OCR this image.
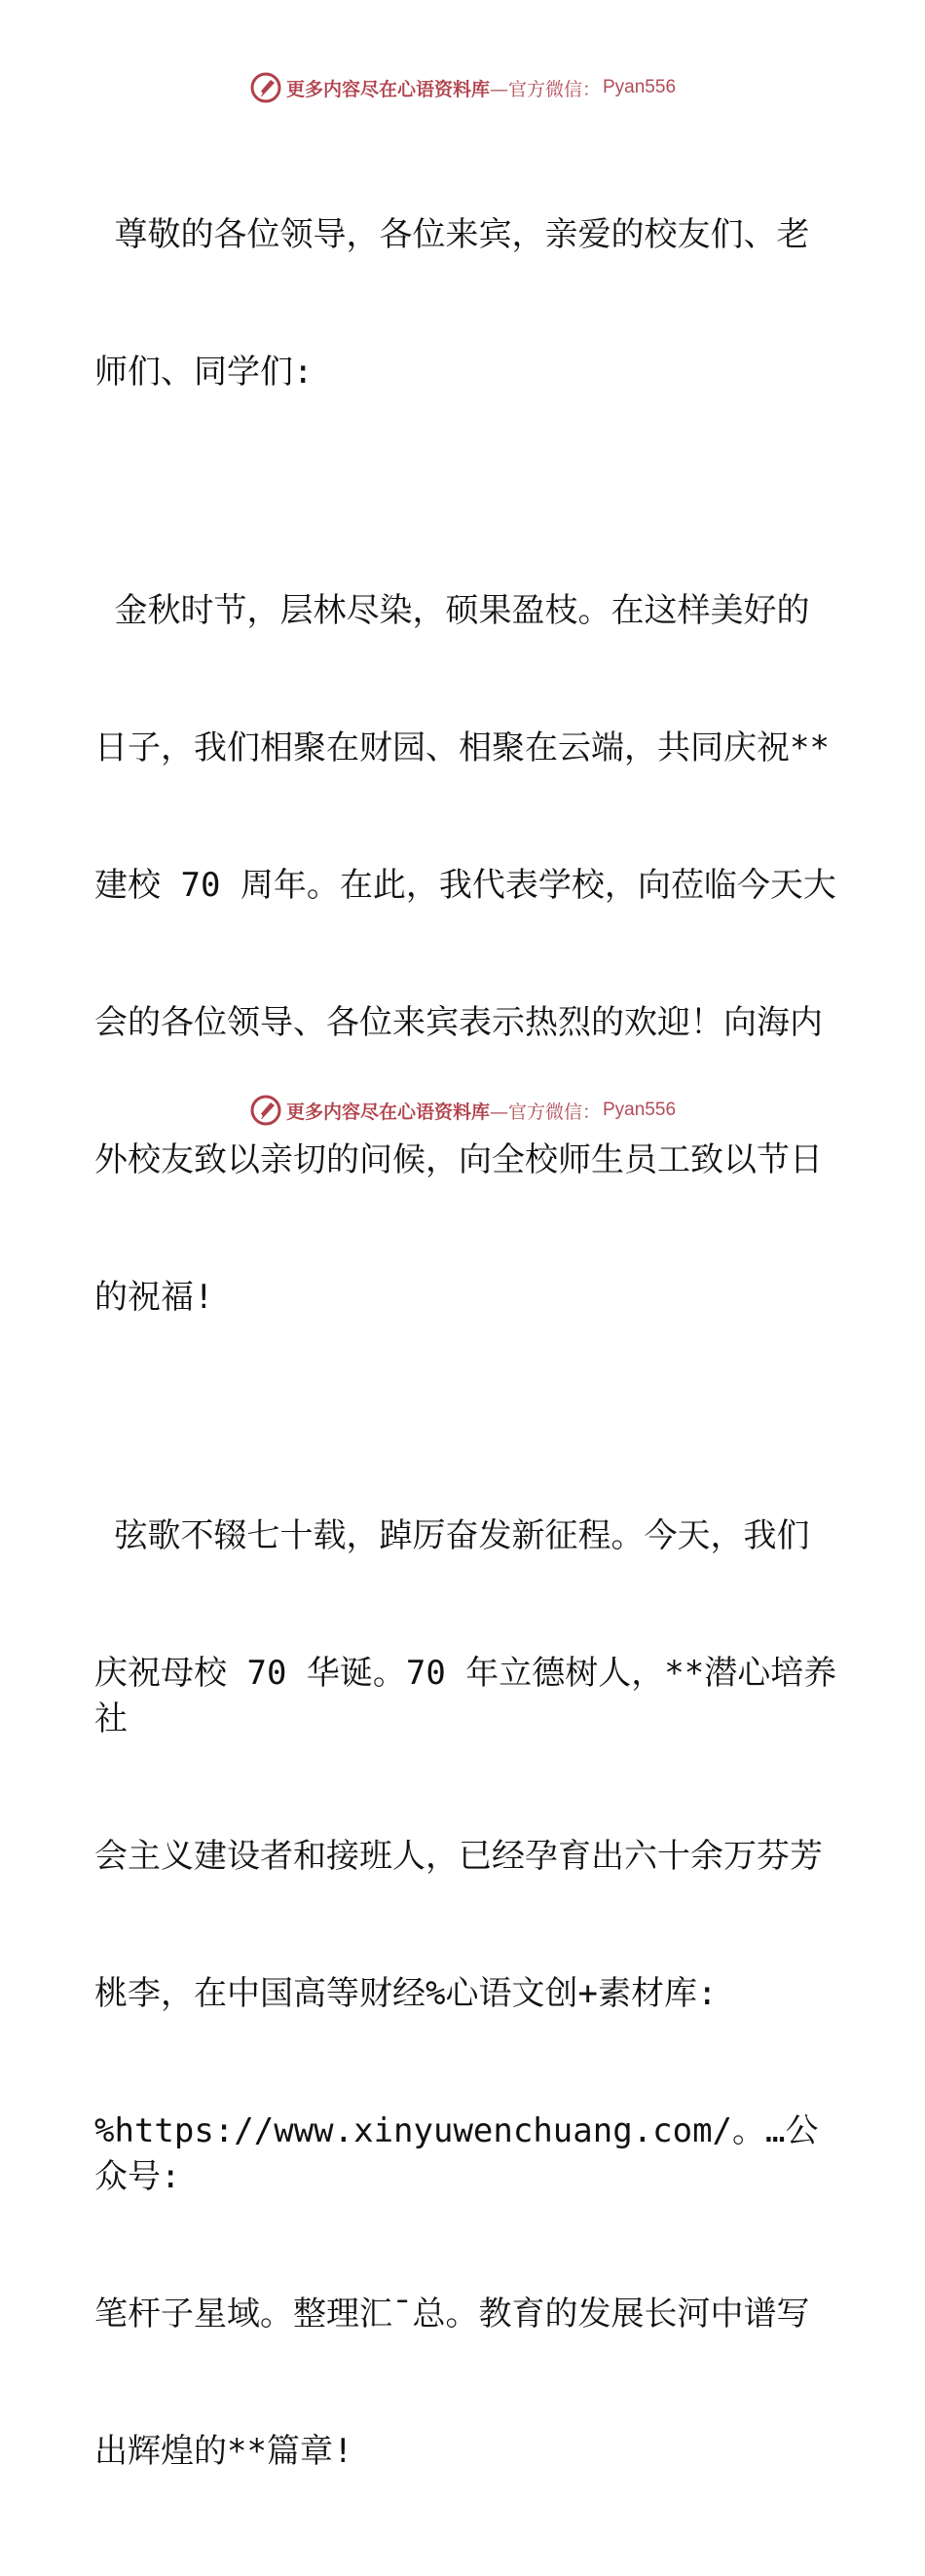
更多内容尽在心语资料库 —官方微信： Pyan556

尊敬的各位领导，各位来宾，亲爱的校友们、老

师们、同学们:

金秋时节，层林尽染，硕果盈枝。在这样美好的

日子，我们相聚在财园、相聚在云端，共同庆祝**

建校 70 周年。在此，我代表学校，向莅临今天大

会的各位领导、各位来宾表示热烈的欢迎！向海内

外校友致以亲切的问候，向全校师生员工致以节日

的祝福!

弦歌不辍七十载，踔厉奋发新征程。今天，我们

庆祝母校 70 华诞。70 年立德树人，**潜心培养社

会主义建设者和接班人，已经孕育出六十余万芬芳

桃李，在中国高等财经%心语文创+素材库:

%https://www.xinyuwenchuang.com/。…公众号:

笔杆子星域。整理汇¯总。教育的发展长河中谱写

出辉煌的**篇章!

更多内容尽在心语资料库 —官方微信： Pyan556
